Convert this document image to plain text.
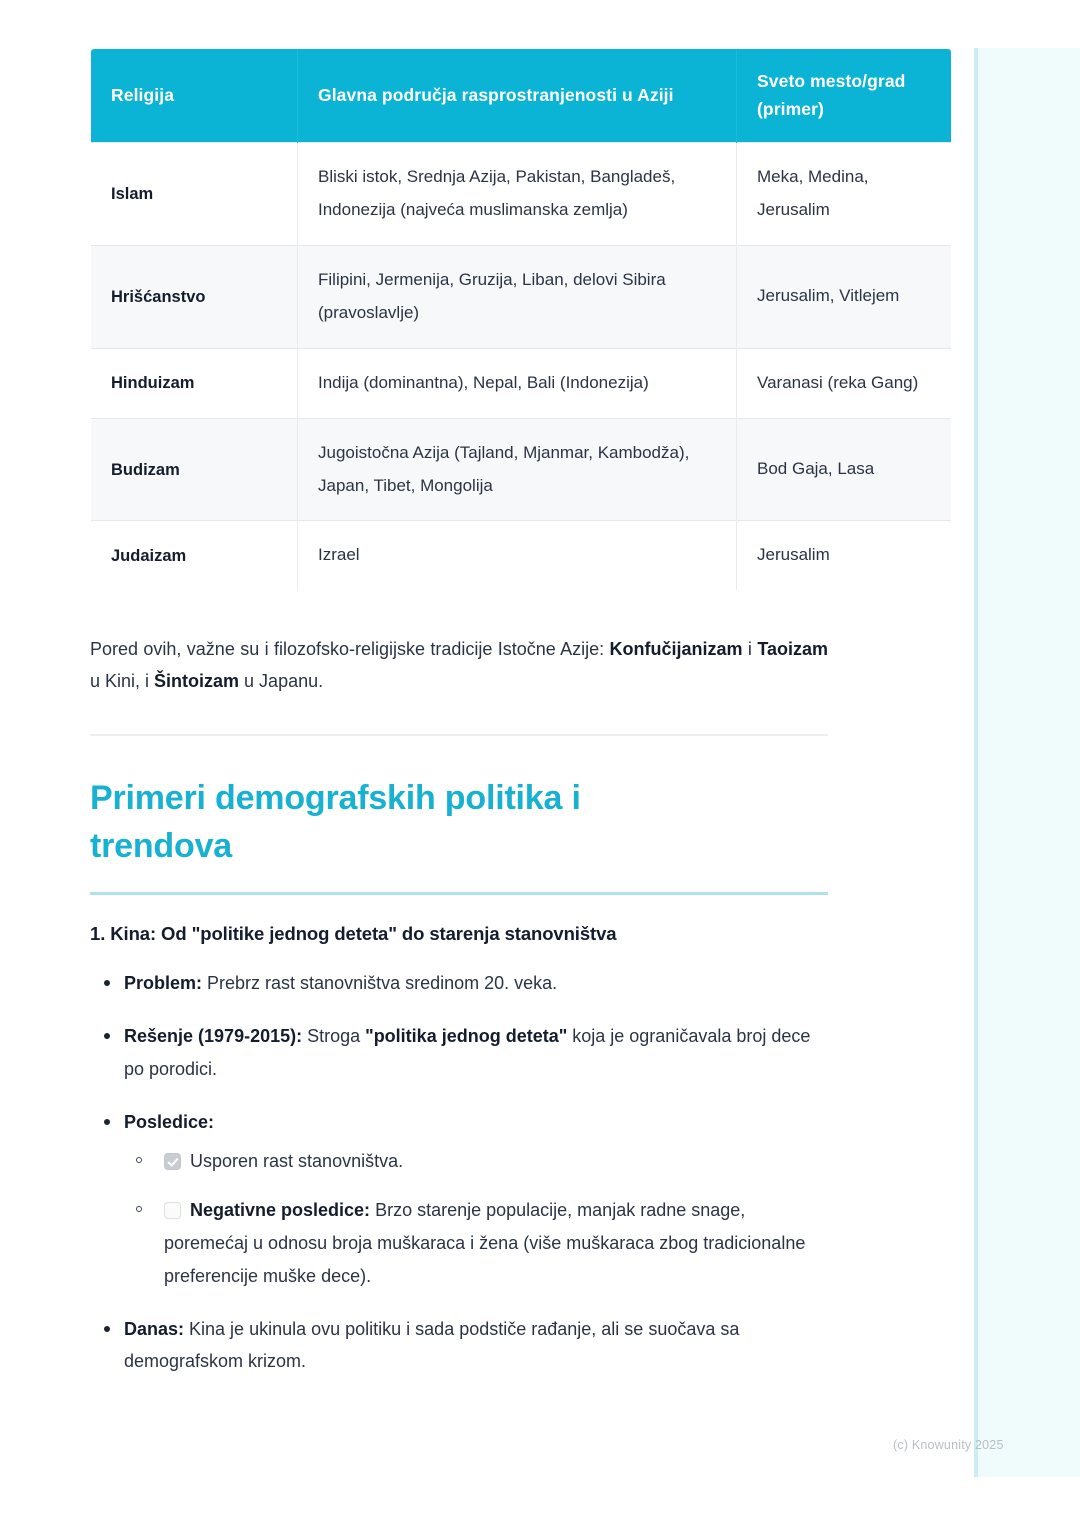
Religija	Glavna područja rasprostranjenosti u Aziji	Sveto mesto/grad (primer)
Islam	Bliski istok, Srednja Azija, Pakistan, Bangladeš, Indonezija (najveća muslimanska zemlja)	Meka, Medina, Jerusalim
Hrišćanstvo	Filipini, Jermenija, Gruzija, Liban, delovi Sibira (pravoslavlje)	Jerusalim, Vitlejem
Hinduizam	Indija (dominantna), Nepal, Bali (Indonezija)	Varanasi (reka Gang)
Budizam	Jugoistočna Azija (Tajland, Mjanmar, Kambodža), Japan, Tibet, Mongolija	Bod Gaja, Lasa
Judaizam	Izrael	Jerusalim

Pored ovih, važne su i filozofsko-religijske tradicije Istočne Azije: Konfučijanizam i Taoizam u Kini, i Šintoizam u Japanu.

Primeri demografskih politika i trendova
1. Kina: Od "politike jednog deteta" do starenja stanovništva
Problem: Prebrz rast stanovništva sredinom 20. veka.
Rešenje (1979-2015): Stroga "politika jednog deteta" koja je ograničavala broj dece po porodici.
Posledice:
Usporen rast stanovništva.
Negativne posledice: Brzo starenje populacije, manjak radne snage, poremećaj u odnosu broja muškaraca i žena (više muškaraca zbog tradicionalne preferencije muške dece).
Danas: Kina je ukinula ovu politiku i sada podstiče rađanje, ali se suočava sa demografskom krizom.
(c) Knowunity 2025
